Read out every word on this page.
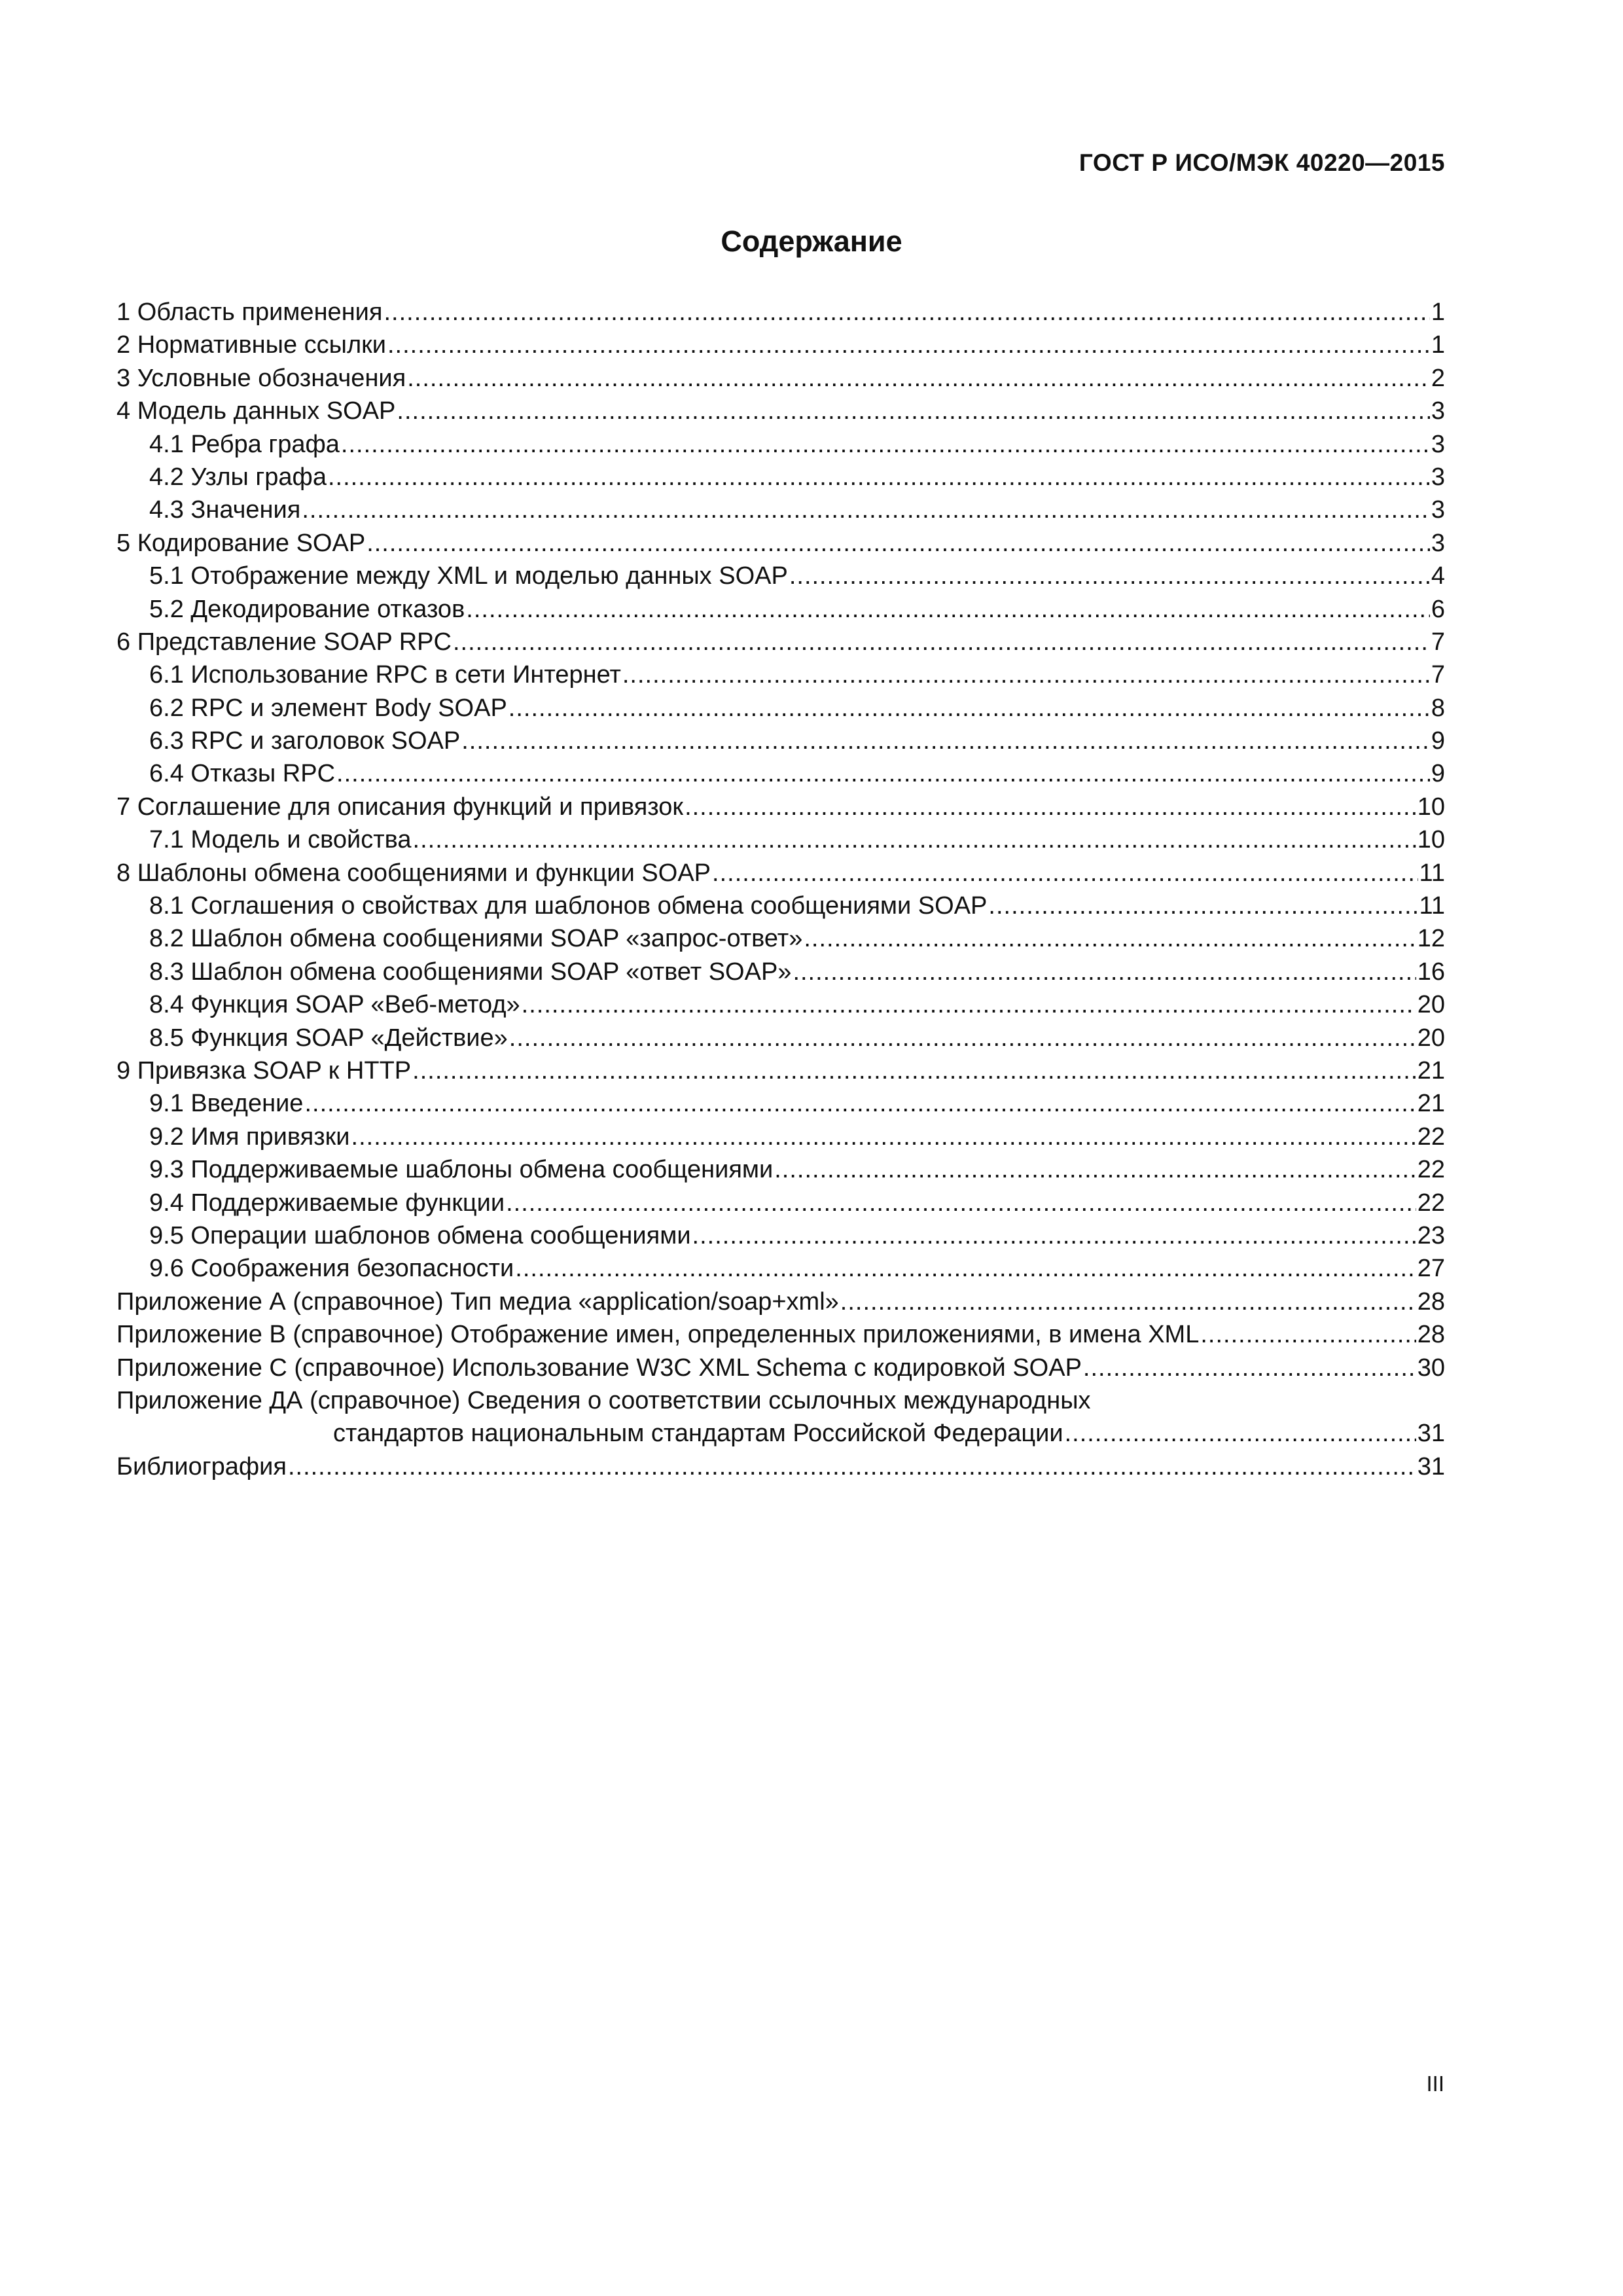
ГОСТ Р ИСО/МЭК 40220—2015
Содержание
1 Область применения .....	1
2 Нормативные ссылки .....	1
3 Условные обозначения .....	2
4 Модель данных SOAP .....	3
4.1 Ребра графа .....	3
4.2 Узлы графа .....	3
4.3 Значения .....	3
5 Кодирование SOAP .....	3
5.1 Отображение между XML и моделью данных SOAP .....	4
5.2 Декодирование отказов .....	6
6 Представление SOAP RPC .....	7
6.1 Использование RPC в сети Интернет .....	7
6.2 RPC и элемент Body SOAP .....	8
6.3 RPC и заголовок SOAP .....	9
6.4 Отказы RPC .....	9
7 Соглашение для описания функций и привязок .....	10
7.1 Модель и свойства .....	10
8 Шаблоны обмена сообщениями и функции SOAP .....	11
8.1 Соглашения о свойствах для шаблонов обмена сообщениями SOAP .....	11
8.2 Шаблон обмена сообщениями SOAP «запрос-ответ» .....	12
8.3 Шаблон обмена сообщениями SOAP «ответ SOAP» .....	16
8.4 Функция SOAP «Веб-метод» .....	20
8.5 Функция SOAP «Действие» .....	20
9 Привязка SOAP к HTTP .....	21
9.1 Введение .....	21
9.2 Имя привязки .....	22
9.3 Поддерживаемые шаблоны обмена сообщениями .....	22
9.4 Поддерживаемые функции .....	22
9.5 Операции шаблонов обмена сообщениями .....	23
9.6 Соображения безопасности .....	27
Приложение А (справочное) Тип медиа «application/soap+xml» .....	28
Приложение В (справочное) Отображение имен, определенных приложениями, в имена XML .....	28
Приложение С (справочное) Использование W3C XML Schema с кодировкой SOAP .....	30
Приложение ДА (справочное) Сведения о соответствии ссылочных международных
стандартов национальным стандартам Российской Федерации .....	31
Библиография .....	31
III
